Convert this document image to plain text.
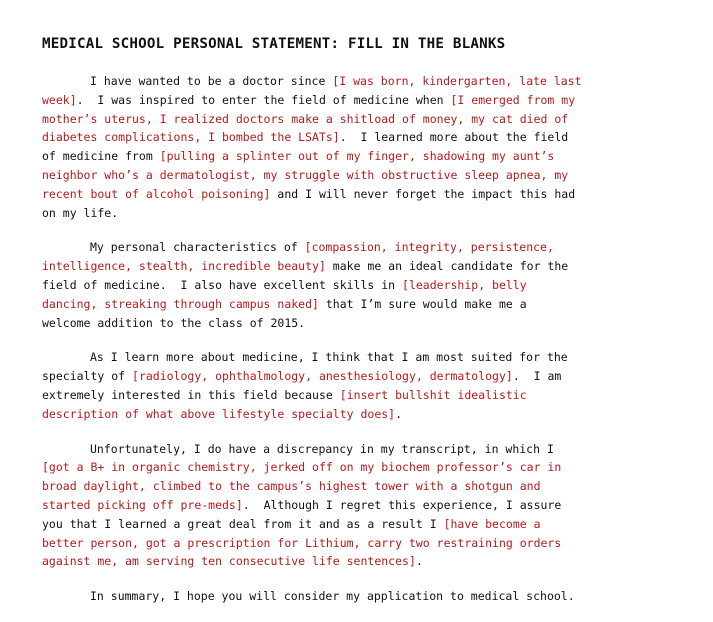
MEDICAL SCHOOL PERSONAL STATEMENT: FILL IN THE BLANKS
I have wanted to be a doctor since [I was born, kindergarten, late last
week].  I was inspired to enter the field of medicine when [I emerged from my
mother’s uterus, I realized doctors make a shitload of money, my cat died of
diabetes complications, I bombed the LSATs].  I learned more about the field
of medicine from [pulling a splinter out of my finger, shadowing my aunt’s
neighbor who’s a dermatologist, my struggle with obstructive sleep apnea, my
recent bout of alcohol poisoning] and I will never forget the impact this had
on my life.
My personal characteristics of [compassion, integrity, persistence,
intelligence, stealth, incredible beauty] make me an ideal candidate for the
field of medicine.  I also have excellent skills in [leadership, belly
dancing, streaking through campus naked] that I’m sure would make me a
welcome addition to the class of 2015.
As I learn more about medicine, I think that I am most suited for the
specialty of [radiology, ophthalmology, anesthesiology, dermatology].  I am
extremely interested in this field because [insert bullshit idealistic
description of what above lifestyle specialty does].
Unfortunately, I do have a discrepancy in my transcript, in which I
[got a B+ in organic chemistry, jerked off on my biochem professor’s car in
broad daylight, climbed to the campus’s highest tower with a shotgun and
started picking off pre-meds].  Although I regret this experience, I assure
you that I learned a great deal from it and as a result I [have become a
better person, got a prescription for Lithium, carry two restraining orders
against me, am serving ten consecutive life sentences].
In summary, I hope you will consider my application to medical school.
